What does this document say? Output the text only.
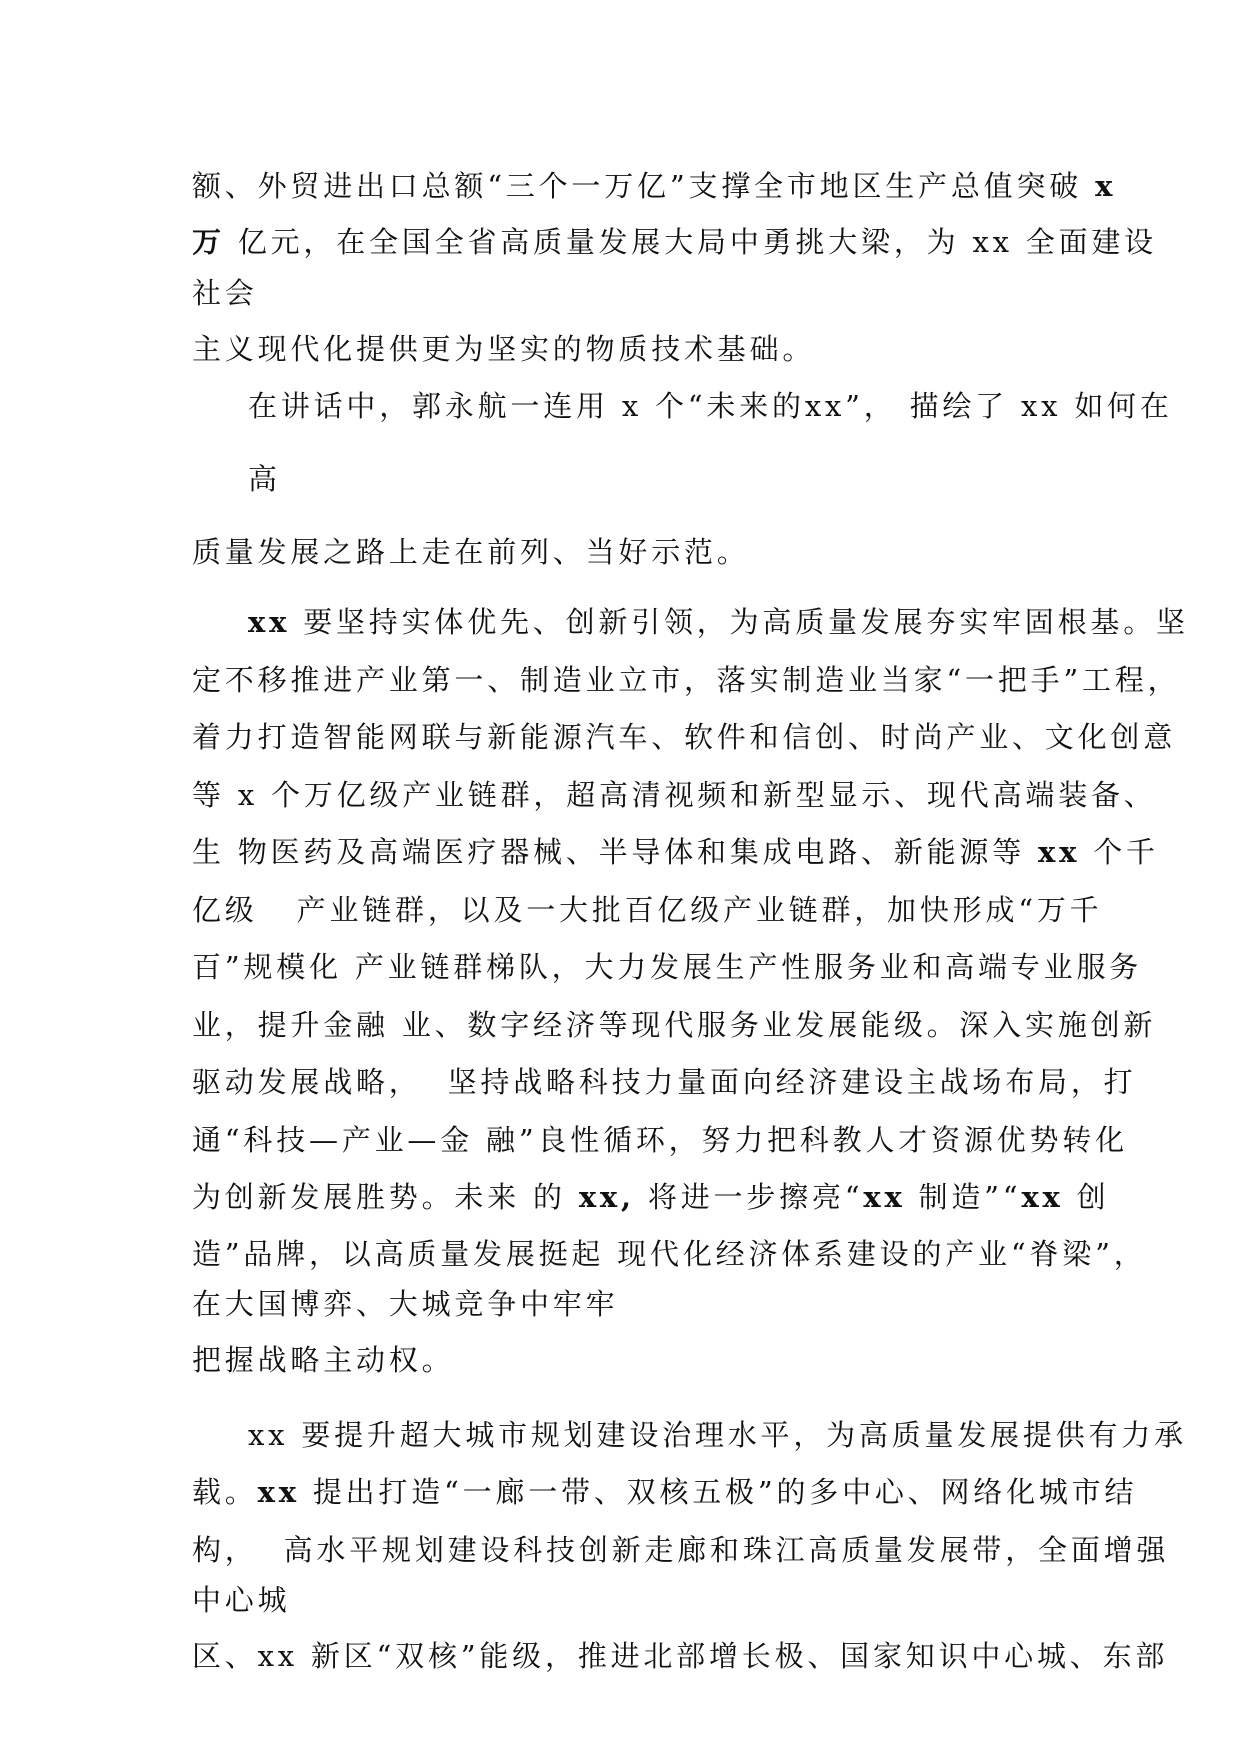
额、外贸进出口总额“三个一万亿”支撑全市地区生产总值突破 x

万 亿元，在全国全省高质量发展大局中勇挑大梁，为 xx 全面建设

社会

主义现代化提供更为坚实的物质技术基础。

在讲话中，郭永航一连用 x 个“未来的xx”， 描绘了 xx 如何在

高

质量发展之路上走在前列、当好示范。

xx 要坚持实体优先、创新引领，为高质量发展夯实牢固根基。坚

定不移推进产业第一、制造业立市，落实制造业当家“一把手”工程，

着力打造智能网联与新能源汽车、软件和信创、时尚产业、文化创意

等 x 个万亿级产业链群，超高清视频和新型显示、现代高端装备、

生 物医药及高端医疗器械、半导体和集成电路、新能源等 xx 个千

亿级   产业链群，以及一大批百亿级产业链群，加快形成“万千

百”规模化 产业链群梯队，大力发展生产性服务业和高端专业服务

业，提升金融 业、数字经济等现代服务业发展能级。深入实施创新

驱动发展战略，  坚持战略科技力量面向经济建设主战场布局，打

通“科技—产业—金 融”良性循环，努力把科教人才资源优势转化

为创新发展胜势。未来 的 xx, 将进一步擦亮“xx 制造”“xx 创

造”品牌，以高质量发展挺起 现代化经济体系建设的产业“脊梁”，

在大国博弈、大城竞争中牢牢

把握战略主动权。

xx 要提升超大城市规划建设治理水平，为高质量发展提供有力承

载。xx 提出打造“一廊一带、双核五极”的多中心、网络化城市结

构，  高水平规划建设科技创新走廊和珠江高质量发展带，全面增强

中心城

区、xx 新区“双核”能级，推进北部增长极、国家知识中心城、东部
